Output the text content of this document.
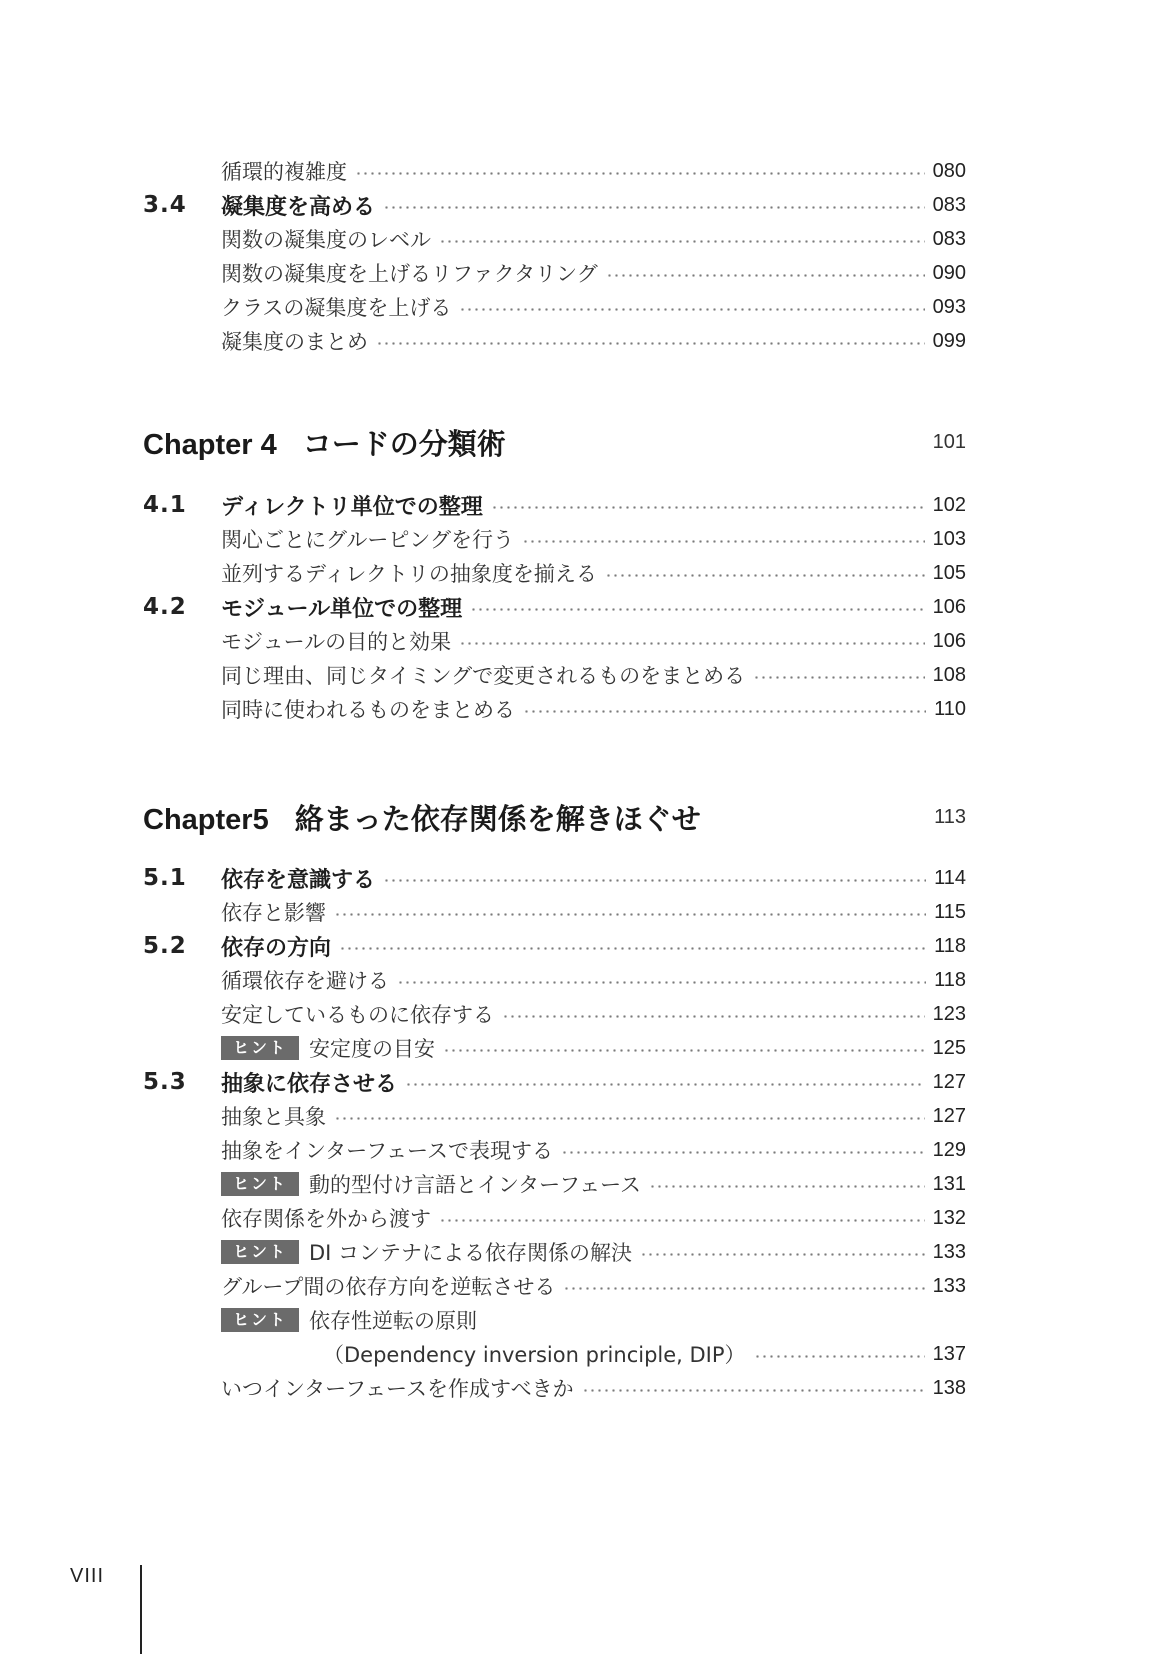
循環的複雑度	080
3.4	凝集度を高める	083
関数の凝集度のレベル	083
関数の凝集度を上げるリファクタリング	090
クラスの凝集度を上げる	093
凝集度のまとめ	099
Chapter 4 コードの分類術	101
4.1	ディレクトリ単位での整理	102
関心ごとにグルーピングを行う	103
並列するディレクトリの抽象度を揃える	105
4.2	モジュール単位での整理	106
モジュールの目的と効果	106
同じ理由、同じタイミングで変更されるものをまとめる	108
同時に使われるものをまとめる	110
Chapter5 絡まった依存関係を解きほぐせ	113
5.1	依存を意識する	114
依存と影響	115
5.2	依存の方向	118
循環依存を避ける	118
安定しているものに依存する	123
ヒント	安定度の目安	125
5.3	抽象に依存させる	127
抽象と具象	127
抽象をインターフェースで表現する	129
ヒント	動的型付け言語とインターフェース	131
依存関係を外から渡す	132
ヒント	DI コンテナによる依存関係の解決	133
グループ間の依存方向を逆転させる	133
ヒント	依存性逆転の原則
（Dependency inversion principle, DIP）	137
いつインターフェースを作成すべきか	138
VIII
